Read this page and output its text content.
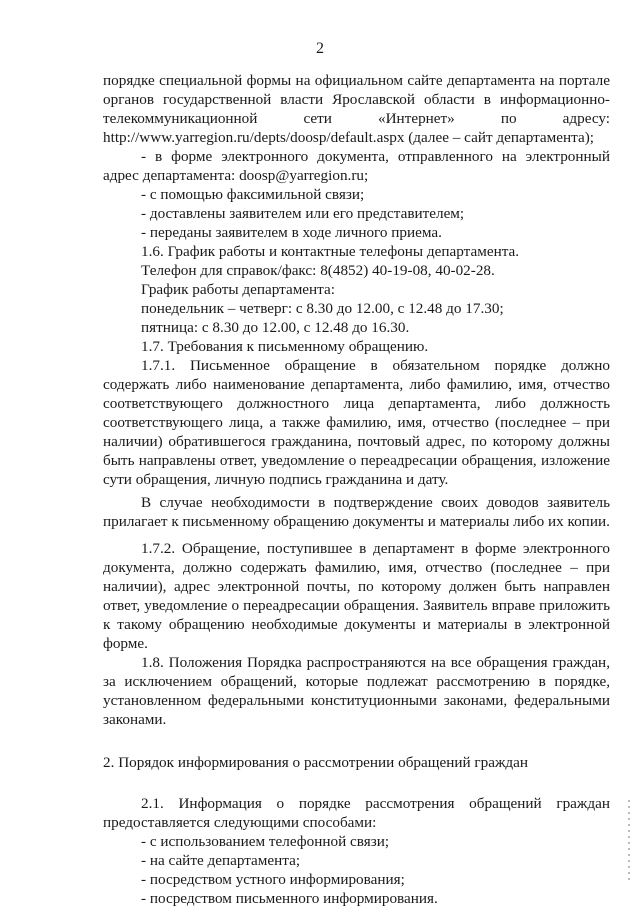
2

порядке специальной формы на официальном сайте департамента на портале органов государственной власти Ярославской области в информационно-телекоммуникационной сети «Интернет» по адресу: http://www.yarregion.ru/depts/doosp/default.aspx (далее – сайт департамента);

- в форме электронного документа, отправленного на электронный адрес департамента: doosp@yarregion.ru;

- с помощью факсимильной связи;

- доставлены заявителем или его представителем;

- переданы заявителем в ходе личного приема.

1.6. График работы и контактные телефоны департамента.

Телефон для справок/факс: 8(4852) 40-19-08, 40-02-28.

График работы департамента:

понедельник – четверг: с 8.30 до 12.00, с 12.48 до 17.30;

пятница: с 8.30 до 12.00, с 12.48 до 16.30.

1.7. Требования к письменному обращению.

1.7.1. Письменное обращение в обязательном порядке должно содержать либо наименование департамента, либо фамилию, имя, отчество соответствующего должностного лица департамента, либо должность соответствующего лица, а также фамилию, имя, отчество (последнее – при наличии) обратившегося гражданина, почтовый адрес, по которому должны быть направлены ответ, уведомление о переадресации обращения, изложение сути обращения, личную подпись гражданина и дату.

В случае необходимости в подтверждение своих доводов заявитель прилагает к письменному обращению документы и материалы либо их копии.

1.7.2. Обращение, поступившее в департамент в форме электронного документа, должно содержать фамилию, имя, отчество (последнее – при наличии), адрес электронной почты, по которому должен быть направлен ответ, уведомление о переадресации обращения. Заявитель вправе приложить к такому обращению необходимые документы и материалы в электронной форме.

1.8. Положения Порядка распространяются на все обращения граждан, за исключением обращений, которые подлежат рассмотрению в порядке, установленном федеральными конституционными законами, федеральными законами.

2. Порядок информирования о рассмотрении обращений граждан

2.1. Информация о порядке рассмотрения обращений граждан предоставляется следующими способами:

- с использованием телефонной связи;

- на сайте департамента;

- посредством устного информирования;

- посредством письменного информирования.
